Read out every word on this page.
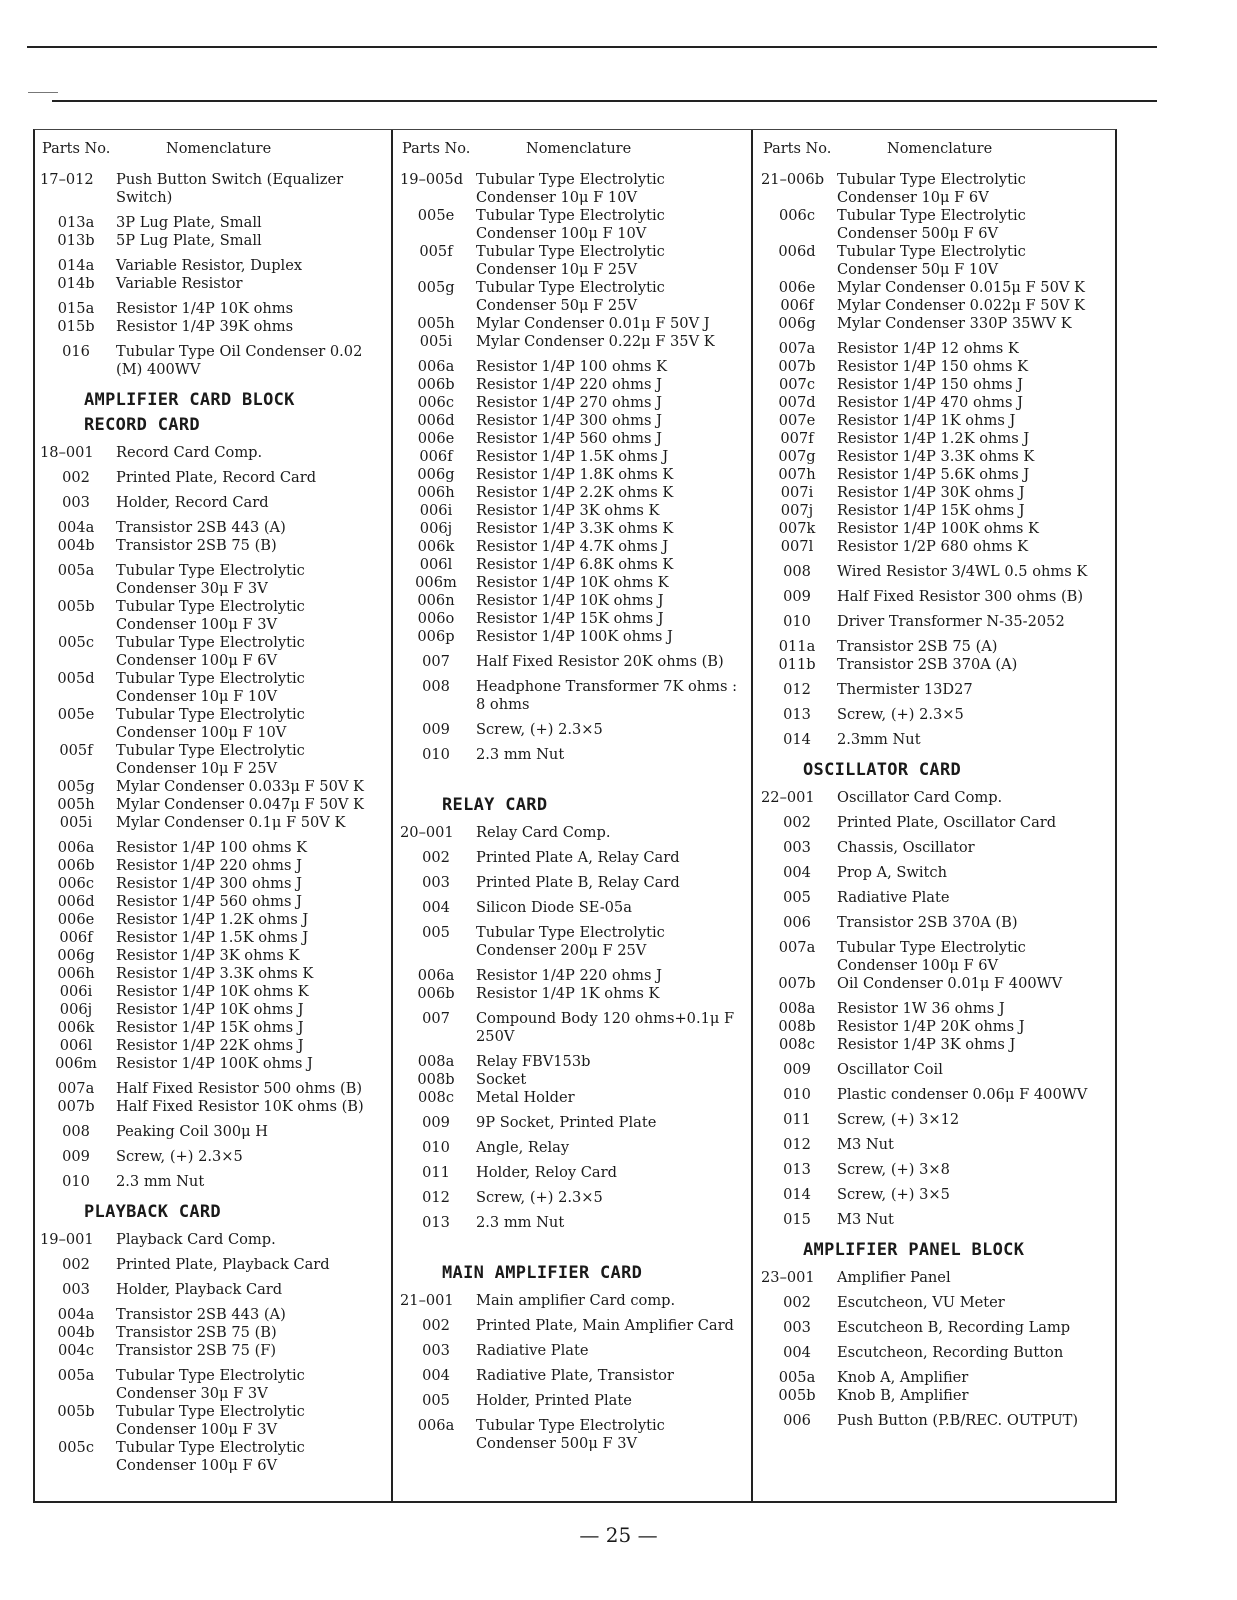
Parts No.	Nomenclature
17–012	Push Button Switch (Equalizer Switch)
013a	3P Lug Plate, Small
013b	5P Lug Plate, Small
014a	Variable Resistor, Duplex
014b	Variable Resistor
015a	Resistor 1/4P 10K ohms
015b	Resistor 1/4P 39K ohms
016	Tubular Type Oil Condenser 0.02 (M) 400WV
AMPLIFIER CARD BLOCK
RECORD CARD
18–001	Record Card Comp.
002	Printed Plate, Record Card
003	Holder, Record Card
004a	Transistor 2SB 443 (A)
004b	Transistor 2SB 75 (B)
005a	Tubular Type Electrolytic Condenser 30μ F 3V
005b	Tubular Type Electrolytic Condenser 100μ F 3V
005c	Tubular Type Electrolytic Condenser 100μ F 6V
005d	Tubular Type Electrolytic Condenser 10μ F 10V
005e	Tubular Type Electrolytic Condenser 100μ F 10V
005f	Tubular Type Electrolytic Condenser 10μ F 25V
005g	Mylar Condenser 0.033μ F 50V K
005h	Mylar Condenser 0.047μ F 50V K
005i	Mylar Condenser 0.1μ F 50V K
006a	Resistor 1/4P 100 ohms K
006b	Resistor 1/4P 220 ohms J
006c	Resistor 1/4P 300 ohms J
006d	Resistor 1/4P 560 ohms J
006e	Resistor 1/4P 1.2K ohms J
006f	Resistor 1/4P 1.5K ohms J
006g	Resistor 1/4P 3K ohms K
006h	Resistor 1/4P 3.3K ohms K
006i	Resistor 1/4P 10K ohms K
006j	Resistor 1/4P 10K ohms J
006k	Resistor 1/4P 15K ohms J
006l	Resistor 1/4P 22K ohms J
006m	Resistor 1/4P 100K ohms J
007a	Half Fixed Resistor 500 ohms (B)
007b	Half Fixed Resistor 10K ohms (B)
008	Peaking Coil 300μ H
009	Screw, (+) 2.3×5
010	2.3 mm Nut
PLAYBACK CARD
19–001	Playback Card Comp.
002	Printed Plate, Playback Card
003	Holder, Playback Card
004a	Transistor 2SB 443 (A)
004b	Transistor 2SB 75 (B)
004c	Transistor 2SB 75 (F)
005a	Tubular Type Electrolytic Condenser 30μ F 3V
005b	Tubular Type Electrolytic Condenser 100μ F 3V
005c	Tubular Type Electrolytic Condenser 100μ F 6V
Parts No.	Nomenclature
19–005d Tubular Type Electrolytic Condenser 10μ F 10V
005e	Tubular Type Electrolytic Condenser 100μ F 10V
005f	Tubular Type Electrolytic Condenser 10μ F 25V
005g	Tubular Type Electrolytic Condenser 50μ F 25V
005h	Mylar Condenser 0.01μ F 50V J
005i	Mylar Condenser 0.22μ F 35V K
006a	Resistor 1/4P 100 ohms K
006b	Resistor 1/4P 220 ohms J
006c	Resistor 1/4P 270 ohms J
006d	Resistor 1/4P 300 ohms J
006e	Resistor 1/4P 560 ohms J
006f	Resistor 1/4P 1.5K ohms J
006g	Resistor 1/4P 1.8K ohms K
006h	Resistor 1/4P 2.2K ohms K
006i	Resistor 1/4P 3K ohms K
006j	Resistor 1/4P 3.3K ohms K
006k	Resistor 1/4P 4.7K ohms J
006l	Resistor 1/4P 6.8K ohms K
006m	Resistor 1/4P 10K ohms K
006n	Resistor 1/4P 10K ohms J
006o	Resistor 1/4P 15K ohms J
006p	Resistor 1/4P 100K ohms J
007	Half Fixed Resistor 20K ohms (B)
008	Headphone Transformer 7K ohms : 8 ohms
009	Screw, (+) 2.3×5
010	2.3 mm Nut
RELAY CARD
20–001	Relay Card Comp.
002	Printed Plate A, Relay Card
003	Printed Plate B, Relay Card
004	Silicon Diode SE-05a
005	Tubular Type Electrolytic Condenser 200μ F 25V
006a	Resistor 1/4P 220 ohms J
006b	Resistor 1/4P 1K ohms K
007	Compound Body 120 ohms+0.1μ F 250V
008a	Relay FBV153b
008b	Socket
008c	Metal Holder
009	9P Socket, Printed Plate
010	Angle, Relay
011	Holder, Reloy Card
012	Screw, (+) 2.3×5
013	2.3 mm Nut
MAIN AMPLIFIER CARD
21–001	Main amplifier Card comp.
002	Printed Plate, Main Amplifier Card
003	Radiative Plate
004	Radiative Plate, Transistor
005	Holder, Printed Plate
006a	Tubular Type Electrolytic Condenser 500μ F 3V
Parts No.	Nomenclature
21–006b Tubular Type Electrolytic Condenser 10μ F 6V
006c	Tubular Type Electrolytic Condenser 500μ F 6V
006d	Tubular Type Electrolytic Condenser 50μ F 10V
006e	Mylar Condenser 0.015μ F 50V K
006f	Mylar Condenser 0.022μ F 50V K
006g	Mylar Condenser 330P 35WV K
007a	Resistor 1/4P 12 ohms K
007b	Resistor 1/4P 150 ohms K
007c	Resistor 1/4P 150 ohms J
007d	Resistor 1/4P 470 ohms J
007e	Resistor 1/4P 1K ohms J
007f	Resistor 1/4P 1.2K ohms J
007g	Resistor 1/4P 3.3K ohms K
007h	Resistor 1/4P 5.6K ohms J
007i	Resistor 1/4P 30K ohms J
007j	Resistor 1/4P 15K ohms J
007k	Resistor 1/4P 100K ohms K
007l	Resistor 1/2P 680 ohms K
008	Wired Resistor 3/4WL 0.5 ohms K
009	Half Fixed Resistor 300 ohms (B)
010	Driver Transformer N-35-2052
011a	Transistor 2SB 75 (A)
011b	Transistor 2SB 370A (A)
012	Thermister 13D27
013	Screw, (+) 2.3×5
014	2.3mm Nut
OSCILLATOR CARD
22–001	Oscillator Card Comp.
002	Printed Plate, Oscillator Card
003	Chassis, Oscillator
004	Prop A, Switch
005	Radiative Plate
006	Transistor 2SB 370A (B)
007a	Tubular Type Electrolytic Condenser 100μ F 6V
007b	Oil Condenser 0.01μ F 400WV
008a	Resistor 1W 36 ohms J
008b	Resistor 1/4P 20K ohms J
008c	Resistor 1/4P 3K ohms J
009	Oscillator Coil
010	Plastic condenser 0.06μ F 400WV
011	Screw, (+) 3×12
012	M3 Nut
013	Screw, (+) 3×8
014	Screw, (+) 3×5
015	M3 Nut
AMPLIFIER PANEL BLOCK
23–001	Amplifier Panel
002	Escutcheon, VU Meter
003	Escutcheon B, Recording Lamp
004	Escutcheon, Recording Button
005a	Knob A, Amplifier
005b	Knob B, Amplifier
006	Push Button (P.B/REC. OUTPUT)
— 25 —
